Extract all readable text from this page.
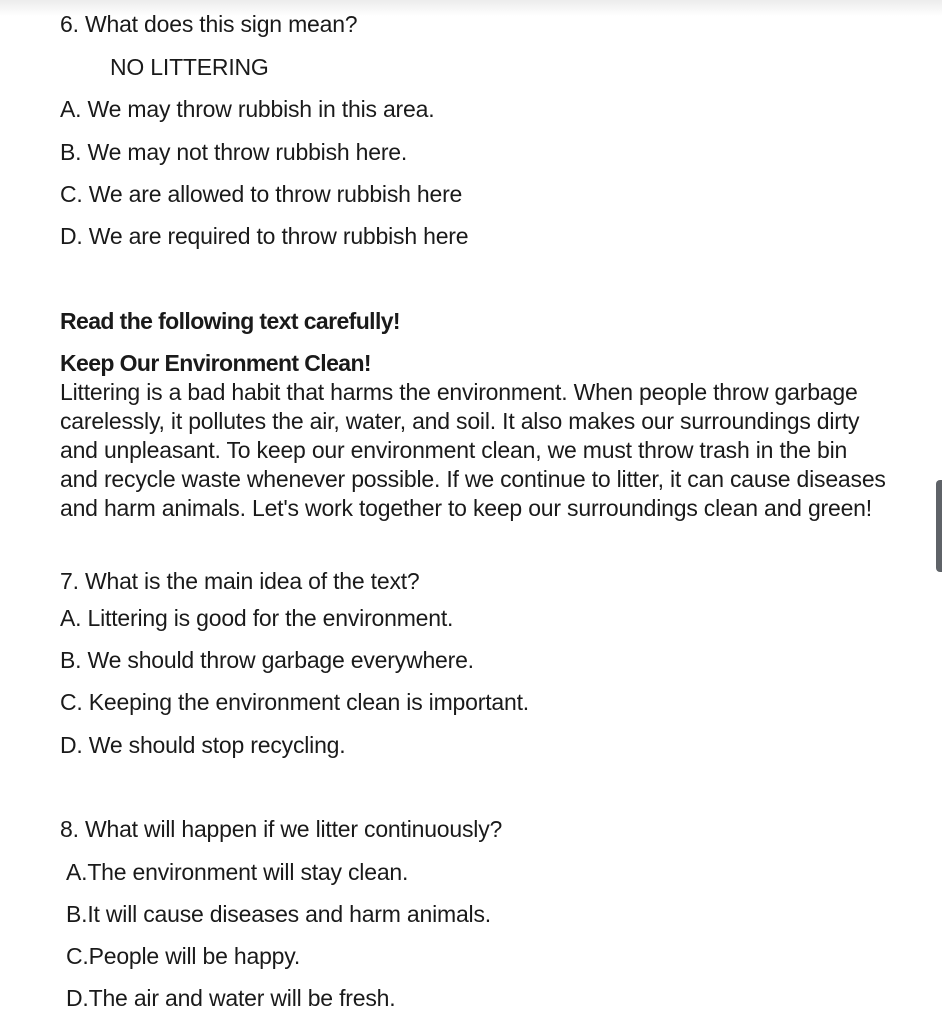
6. What does this sign mean?
NO LITTERING
A. We may throw rubbish in this area.
B. We may not throw rubbish here.
C. We are allowed to throw rubbish here
D. We are required to throw rubbish here
Read the following text carefully!
Keep Our Environment Clean!
Littering is a bad habit that harms the environment. When people throw garbage carelessly, it pollutes the air, water, and soil. It also makes our surroundings dirty and unpleasant. To keep our environment clean, we must throw trash in the bin and recycle waste whenever possible. If we continue to litter, it can cause diseases and harm animals. Let's work together to keep our surroundings clean and green!
7. What is the main idea of the text?
A. Littering is good for the environment.
B. We should throw garbage everywhere.
C. Keeping the environment clean is important.
D. We should stop recycling.
8. What will happen if we litter continuously?
A.The environment will stay clean.
B.It will cause diseases and harm animals.
C.People will be happy.
D.The air and water will be fresh.
